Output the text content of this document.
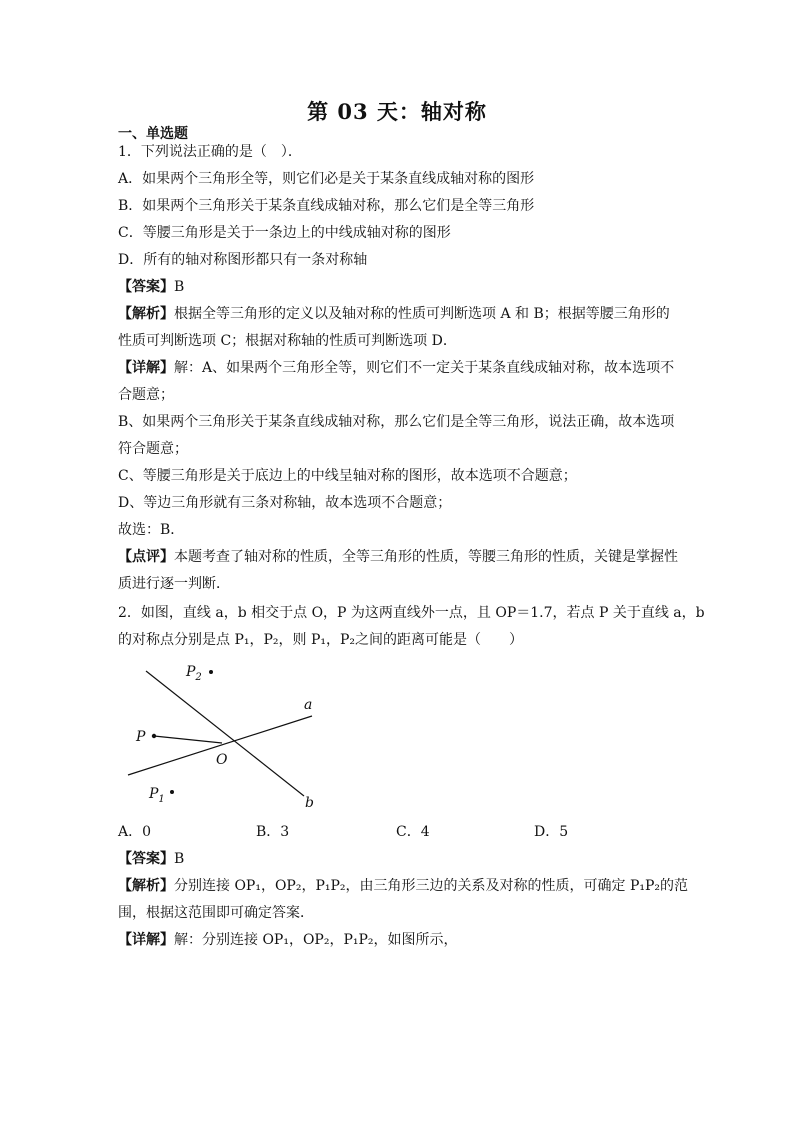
第 03 天：轴对称
一、单选题
1．下列说法正确的是（　）．
A．如果两个三角形全等，则它们必是关于某条直线成轴对称的图形
B．如果两个三角形关于某条直线成轴对称，那么它们是全等三角形
C．等腰三角形是关于一条边上的中线成轴对称的图形
D．所有的轴对称图形都只有一条对称轴
【答案】B
【解析】根据全等三角形的定义以及轴对称的性质可判断选项 A 和 B；根据等腰三角形的
性质可判断选项 C；根据对称轴的性质可判断选项 D．
【详解】解：A、如果两个三角形全等，则它们不一定关于某条直线成轴对称，故本选项不
合题意；
B、如果两个三角形关于某条直线成轴对称，那么它们是全等三角形，说法正确，故本选项
符合题意；
C、等腰三角形是关于底边上的中线呈轴对称的图形，故本选项不合题意；
D、等边三角形就有三条对称轴，故本选项不合题意；
故选：B．
【点评】本题考查了轴对称的性质，全等三角形的性质，等腰三角形的性质，关键是掌握性
质进行逐一判断．
2．如图，直线 a，b 相交于点 O，P 为这两直线外一点，且 OP＝1.7，若点 P 关于直线 a，b
的对称点分别是点 P₁，P₂，则 P₁，P₂之间的距离可能是（　　）
P
O
a
b
$P_2$
$P_1$
A．0	B．3	C．4	D．5
【答案】B
【解析】分别连接 OP₁，OP₂，P₁P₂，由三角形三边的关系及对称的性质，可确定 P₁P₂的范
围，根据这范围即可确定答案．
【详解】解：分别连接 OP₁，OP₂，P₁P₂，如图所示，
